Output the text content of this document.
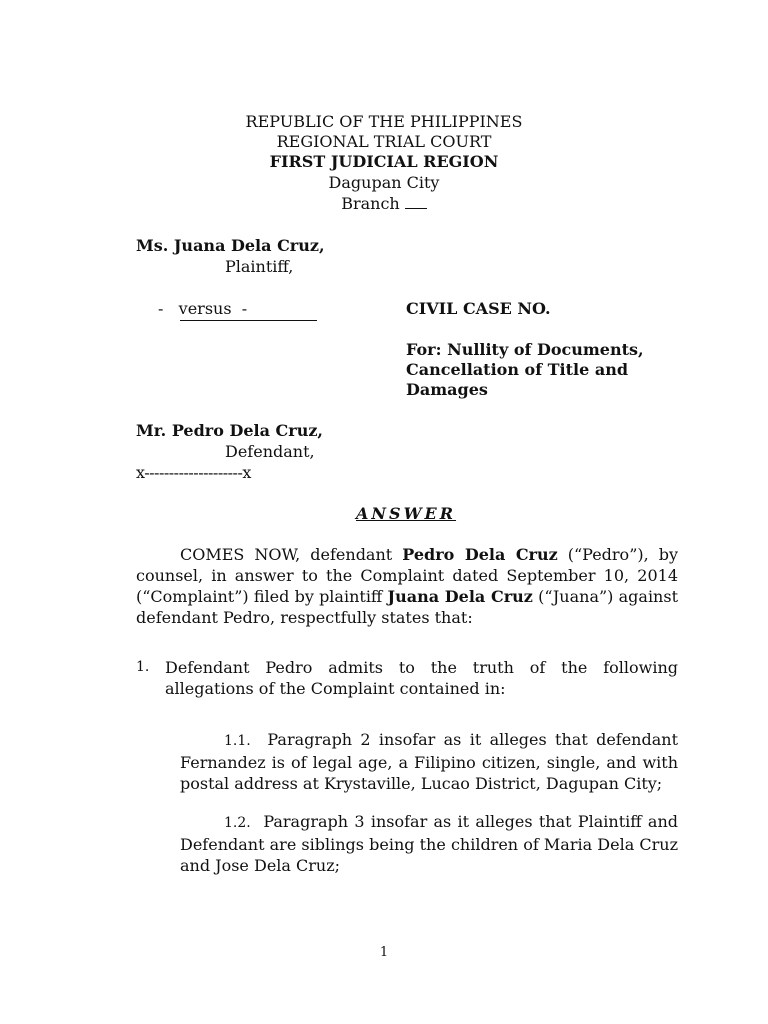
REPUBLIC OF THE PHILIPPINES
REGIONAL TRIAL COURT
FIRST JUDICIAL REGION
Dagupan City
Branch
Ms. Juana Dela Cruz,
Plaintiff,
-   versus  -
Mr. Pedro Dela Cruz,
Defendant,
x--------------------x
CIVIL CASE NO.
For: Nullity of Documents,
Cancellation of Title and
Damages
ANSWER
COMES NOW, defendant Pedro Dela Cruz (“Pedro”), by counsel, in answer to the Complaint dated September 10, 2014 (“Complaint”) filed by plaintiff Juana Dela Cruz (“Juana”) against defendant Pedro, respectfully states that:
1. Defendant Pedro admits to the truth of the following allegations of the Complaint contained in:
1.1. Paragraph 2 insofar as it alleges that defendant Fernandez is of legal age, a Filipino citizen, single, and with postal address at Krystaville, Lucao District, Dagupan City;
1.2. Paragraph 3 insofar as it alleges that Plaintiff and Defendant are siblings being the children of Maria Dela Cruz and Jose Dela Cruz;
1
